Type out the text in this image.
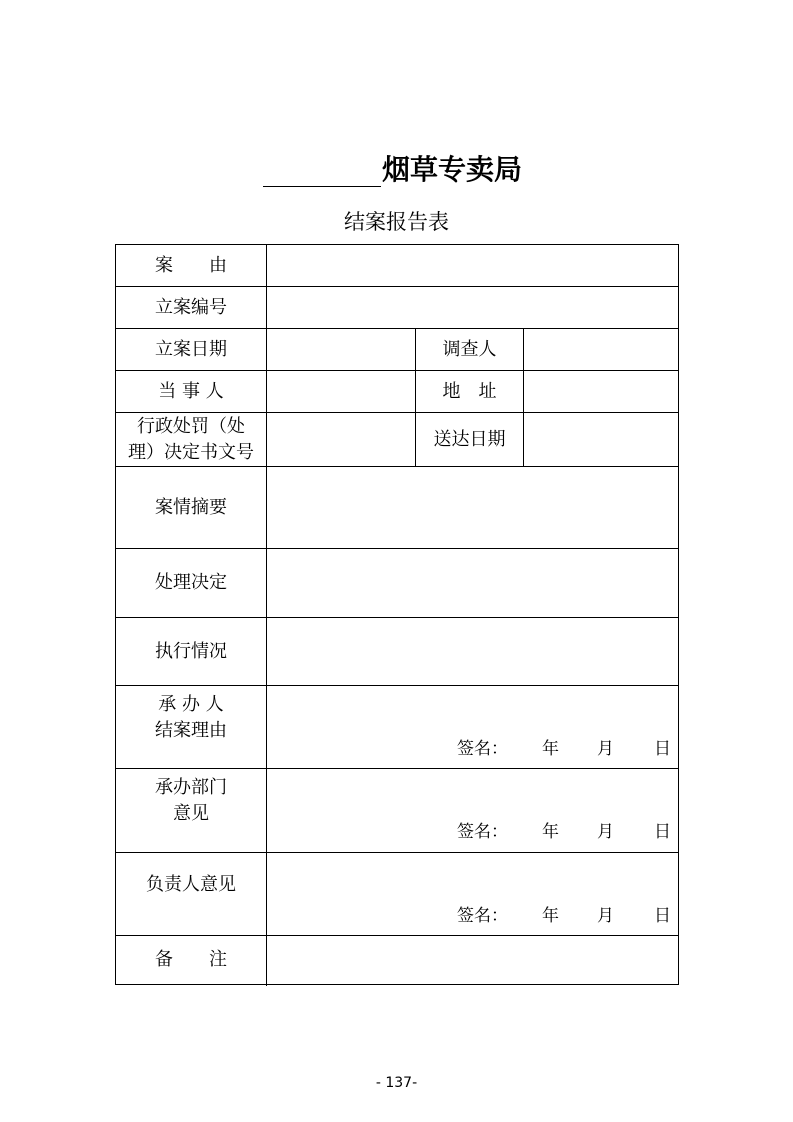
烟草专卖局
结案报告表
案　　由
立案编号
立案日期	调查人
当 事 人	地　址
行政处罚（处
理）决定书文号
送达日期
案情摘要
处理决定
执行情况
承 办 人
结案理由
签名： 年 月 日
承办部门
意见
签名： 年 月 日
负责人意见
签名： 年 月 日
备　　注
- 137-
